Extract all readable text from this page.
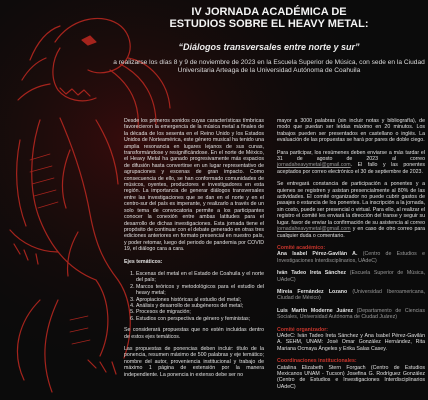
IV JORNADA ACADÉMICA DE
ESTUDIOS SOBRE EL HEAVY METAL:
“Diálogos transversales entre norte y sur”
a realizarse los días 8 y 9 de noviembre de 2023 en la Escuela Superior de Música, con sede en la Ciudad Universitaria Arteaga de la Universidad Autónoma de Coahuila

Desde los primeros sonidos cuyas características tímbricas favorecieron la emergencia de la música metal a finales de la década de los sesenta en el Reino Unido y los Estados Unidos de Norteamérica, este género musical ha tenido una amplia resonancia en lugares lejanos de sus cunas, transformándose y resignificándose. En el norte de México, el Heavy Metal ha ganado progresivamente más espacios de difusión hasta convertirse en un lugar representativo de agrupaciones y escenas de gran impacto. Como consecuencia de ello, se han conformado comunidades de músicos, oyentes, productores e investigadores en esta región. La importancia de generar diálogos transversales entre las investigaciones que se dan en el norte y en el centro-sur del país es imperante, y realizarlo a través de un solo tema de convocatoria permite a los participantes conocer la conexión entre ambas latitudes para el desarrollo de dichas investigaciones. Esta jornada tiene el propósito de continuar con el debate generado en otras tres ediciones anteriores en formato presencial en nuestro país, y poder retomar, luego del periodo de pandemia por COVID 19, el diálogo cara a cara.

Ejes temáticos:

1. Escenas del metal en el Estado de Coahuila y el norte del país;
2. Marcos teóricos y metodológicos para el estudio del heavy metal;
3. Apropiaciones históricas al estudio del metal;
4. Análisis y desarrollo de subgéneros del metal;
5. Procesos de migración;
6. Estudios con perspectiva de género y feministas;

Se considerará propuestas que no estén incluidas dentro de estos ejes temáticos.

Las propuestas de ponencias deben incluir: título de la ponencia, resumen máximo de 500 palabras y eje temático; nombre del autor, proveniencia institucional y trabajo de máximo 1 página de extensión por la manera independiente. La ponencia in extenso debe ser no

mayor a 3000 palabras (sin incluir notas y bibliografía), de modo que puedan ser leídas máximo en 20 minutos. Los trabajos pueden ser presentados en castellano o inglés. La evaluación de las propuestas se hará por pares de doble ciego.

Para participar, los resúmenes deben enviarse a más tardar el 31 de agosto de 2023 al correo jornadaheavymetal@gmail.com. El fallo y las ponentes aceptados por correo electrónico el 30 de septiembre de 2023.

Se entregará constancia de participación a ponentes y a quienes se registren y asistan presencialmente al 80% de las actividades. El comité organizador no puede cubrir gastos de pasajes o estancia de los ponentes. La inscripción a la jornada, sin costo, puede ser presencial o virtual. Para ello, al realizar el registro el comité les enviará la dirección del transe y seguir su lugar. favor de enviar la confirmación de su asistencia al correo jornadaheavymetal@gmail.com y en caso de otro correo para cualquier duda o comentario.

Comité académico:

Ana Isabel Pérez-Gavilán A. (Centro de Estudios e Investigaciones Interdisciplinarios, UAdeC)

Iván Tadeo Ireta Sánchez (Escuela Superior de Música, UAdeC)

Mireia Fernández Lozano (Universidad Iberoamericana, Ciudad de México)

Luis Martín Moderne Juárez (Departamento de Ciencias Sociales, Universidad Autónoma de Ciudad Juárez)

Comité organizador:

UAdeC: Iván Tadeo Ireta Sánchez y Ana Isabel Pérez-Gavilán A. SEHM, UNAM: José Omar González Hernández, Rita Mariana Ocmaya Ángeles y Erika Salas Casey.

Coordinaciones institucionales:

Catalina Elizabeth Stern Forgach (Centro de Estudios Mexicanos UNAM - Tucson) Josefina G. Rodríguez González (Centro de Estudios e Investigaciones Interdisciplinarios UAdeC)
